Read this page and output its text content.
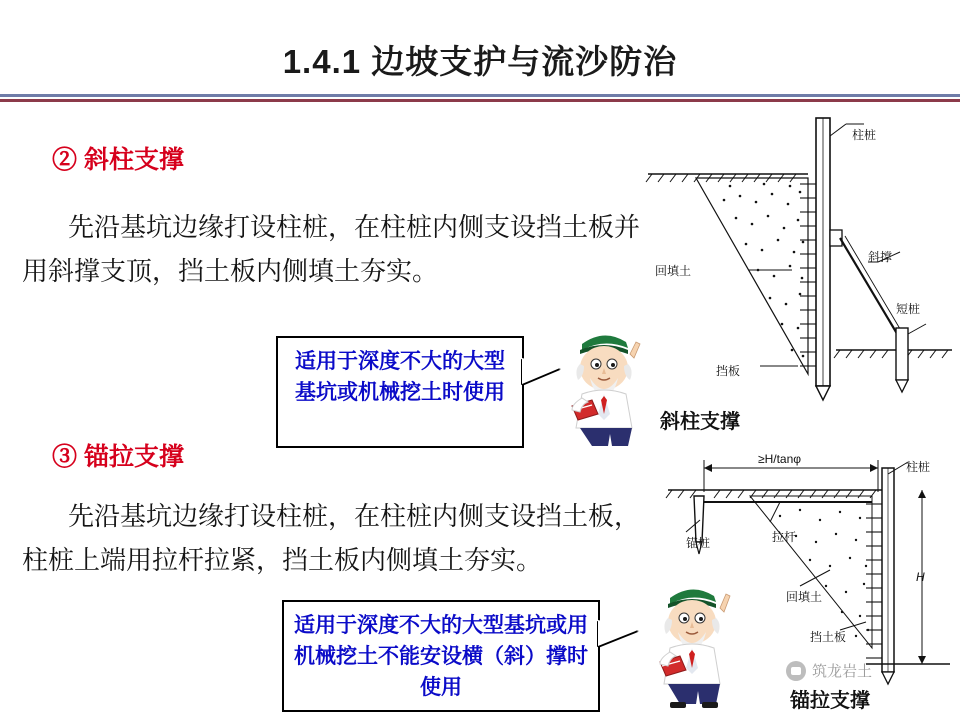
1.4.1 边坡支护与流沙防治
② 斜柱支撑
先沿基坑边缘打设柱桩，在柱桩内侧支设挡土板并用斜撑支顶，挡土板内侧填土夯实。
③ 锚拉支撑
先沿基坑边缘打设柱桩，在柱桩内侧支设挡土板，柱桩上端用拉杆拉紧，挡土板内侧填土夯实。
适用于深度不大的大型基坑或机械挖土时使用
适用于深度不大的大型基坑或用机械挖土不能安设横（斜）撑时使用
柱桩
斜撑
短桩
回填土
挡板
斜柱支撑
≥H/tanφ
柱桩
锚桩	拉杆
回填土
挡土板
H
锚拉支撑
筑龙岩土
